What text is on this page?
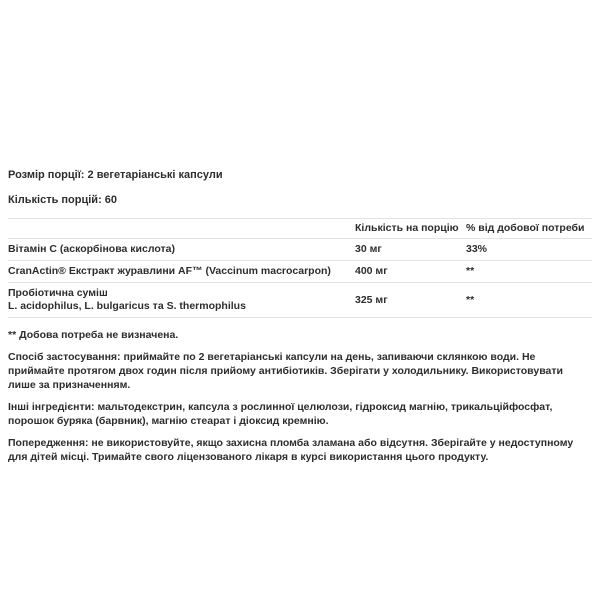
Розмір порції: 2 вегетаріанські капсули
Кількість порцій: 60
	Кількість на порцію	% від добової потреби
Вітамін C (аскорбінова кислота)	30 мг	33%
CranActin® Екстракт журавлини AF™ (Vaccinum macrocarpon)	400 мг	**

Пробіотична суміш
L. acidophilus, L. bulgaricus та S. thermophilus	325 мг	**

** Добова потреба не визначена.

Спосіб застосування: приймайте по 2 вегетаріанські капсули на день, запиваючи склянкою води. Не приймайте протягом двох годин після прийому антибіотиків. Зберігати у холодильнику. Використовувати лише за призначенням.

Інші інгредієнти: мальтодекстрин, капсула з рослинної целюлози, гідроксид магнію, трикальційфосфат, порошок буряка (барвник), магнію стеарат і діоксид кремнію.

Попередження: не використовуйте, якщо захисна пломба зламана або відсутня. Зберігайте у недоступному для дітей місці. Тримайте свого ліцензованого лікаря в курсі використання цього продукту.
